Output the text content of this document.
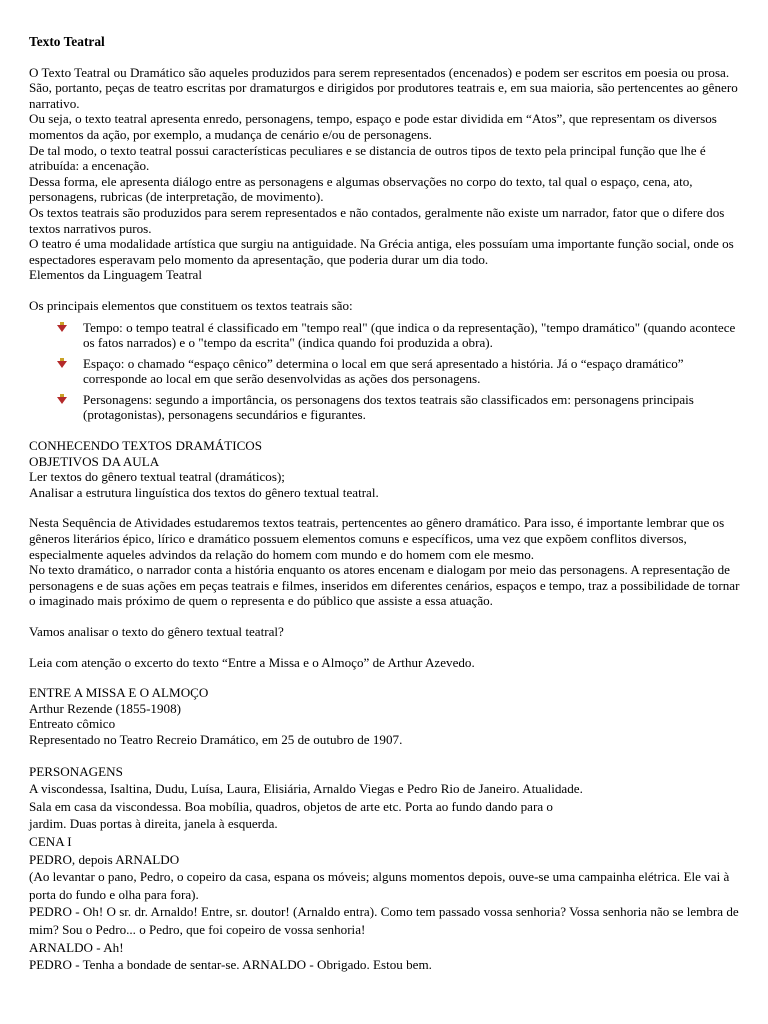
Texto Teatral

O Texto Teatral ou Dramático são aqueles produzidos para serem representados (encenados) e podem ser escritos em poesia ou prosa. São, portanto, peças de teatro escritas por dramaturgos e dirigidos por produtores teatrais e, em sua maioria, são pertencentes ao gênero narrativo.

Ou seja, o texto teatral apresenta enredo, personagens, tempo, espaço e pode estar dividida em “Atos”, que representam os diversos momentos da ação, por exemplo, a mudança de cenário e/ou de personagens.

De tal modo, o texto teatral possui características peculiares e se distancia de outros tipos de texto pela principal função que lhe é atribuída: a encenação.

Dessa forma, ele apresenta diálogo entre as personagens e algumas observações no corpo do texto, tal qual o espaço, cena, ato, personagens, rubricas (de interpretação, de movimento).

Os textos teatrais são produzidos para serem representados e não contados, geralmente não existe um narrador, fator que o difere dos textos narrativos puros.

O teatro é uma modalidade artística que surgiu na antiguidade. Na Grécia antiga, eles possuíam uma importante função social, onde os espectadores esperavam pelo momento da apresentação, que poderia durar um dia todo.

Elementos da Linguagem Teatral

Os principais elementos que constituem os textos teatrais são:

Tempo: o tempo teatral é classificado em "tempo real" (que indica o da representação), "tempo dramático" (quando acontece os fatos narrados) e o "tempo da escrita" (indica quando foi produzida a obra).
Espaço: o chamado “espaço cênico” determina o local em que será apresentado a história. Já o “espaço dramático” corresponde ao local em que serão desenvolvidas as ações dos personagens.
Personagens: segundo a importância, os personagens dos textos teatrais são classificados em: personagens principais (protagonistas), personagens secundários e figurantes.

CONHECENDO TEXTOS DRAMÁTICOS

OBJETIVOS DA AULA

Ler textos do gênero textual teatral (dramáticos);

Analisar a estrutura linguística dos textos do gênero textual teatral.

Nesta Sequência de Atividades estudaremos textos teatrais, pertencentes ao gênero dramático. Para isso, é importante lembrar que os gêneros literários épico, lírico e dramático possuem elementos comuns e específicos, uma vez que expõem conflitos diversos, especialmente aqueles advindos da relação do homem com mundo e do homem com ele mesmo.

No texto dramático, o narrador conta a história enquanto os atores encenam e dialogam por meio das personagens. A representação de personagens e de suas ações em peças teatrais e filmes, inseridos em diferentes cenários, espaços e tempo, traz a possibilidade de tornar o imaginado mais próximo de quem o representa e do público que assiste a essa atuação.

Vamos analisar o texto do gênero textual teatral?

Leia com atenção o excerto do texto “Entre a Missa e o Almoço” de Arthur Azevedo.

ENTRE A MISSA E O ALMOÇO

Arthur Rezende (1855-1908)

Entreato cômico

Representado no Teatro Recreio Dramático, em 25 de outubro de 1907.

PERSONAGENS

A viscondessa, Isaltina, Dudu, Luísa, Laura, Elisiária, Arnaldo Viegas e Pedro Rio de Janeiro. Atualidade.

Sala em casa da viscondessa. Boa mobília, quadros, objetos de arte etc. Porta ao fundo dando para o

jardim. Duas portas à direita, janela à esquerda.

CENA I

PEDRO, depois ARNALDO

(Ao levantar o pano, Pedro, o copeiro da casa, espana os móveis; alguns momentos depois, ouve-se uma campainha elétrica. Ele vai à porta do fundo e olha para fora).

PEDRO - Oh! O sr. dr. Arnaldo! Entre, sr. doutor! (Arnaldo entra). Como tem passado vossa senhoria? Vossa senhoria não se lembra de mim? Sou o Pedro... o Pedro, que foi copeiro de vossa senhoria!

ARNALDO - Ah!

PEDRO - Tenha a bondade de sentar-se. ARNALDO - Obrigado. Estou bem.
